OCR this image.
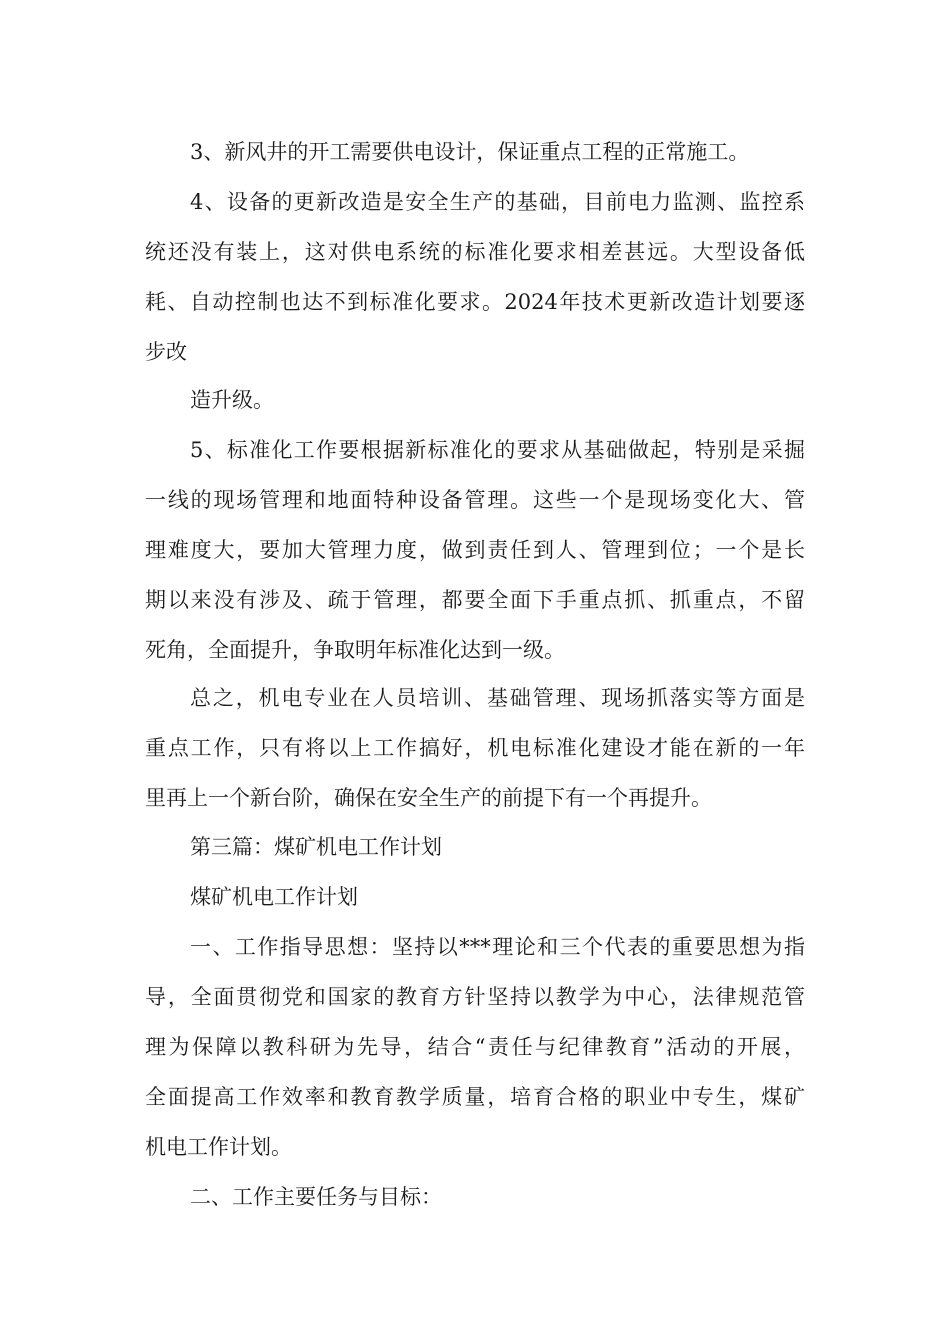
3、新风井的开工需要供电设计，保证重点工程的正常施工。
4、设备的更新改造是安全生产的基础，目前电力监测、监控系
统还没有装上，这对供电系统的标准化要求相差甚远。大型设备低
耗、自动控制也达不到标准化要求。2024年技术更新改造计划要逐
步改
造升级。
5、标准化工作要根据新标准化的要求从基础做起，特别是采掘
一线的现场管理和地面特种设备管理。这些一个是现场变化大、管
理难度大，要加大管理力度，做到责任到人、管理到位；一个是长
期以来没有涉及、疏于管理，都要全面下手重点抓、抓重点，不留
死角，全面提升，争取明年标准化达到一级。
总之，机电专业在人员培训、基础管理、现场抓落实等方面是
重点工作，只有将以上工作搞好，机电标准化建设才能在新的一年
里再上一个新台阶，确保在安全生产的前提下有一个再提升。
第三篇：煤矿机电工作计划
煤矿机电工作计划
一、工作指导思想：坚持以***理论和三个代表的重要思想为指
导，全面贯彻党和国家的教育方针坚持以教学为中心，法律规范管
理为保障以教科研为先导，结合“责任与纪律教育”活动的开展，
全面提高工作效率和教育教学质量，培育合格的职业中专生，煤矿
机电工作计划。
二、工作主要任务与目标：
